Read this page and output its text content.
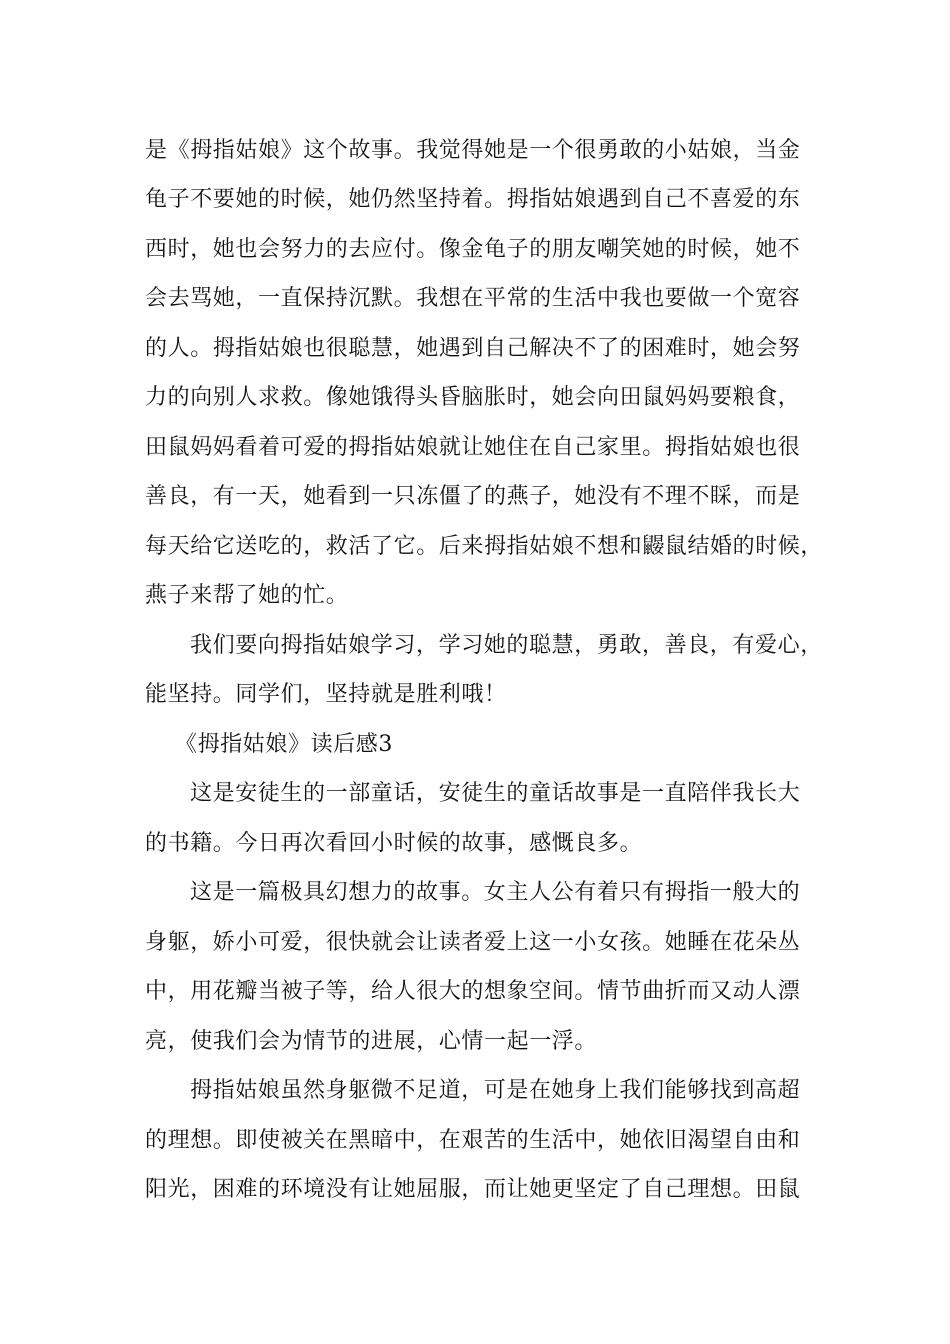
是《拇指姑娘》这个故事。我觉得她是一个很勇敢的小姑娘，当金
龟子不要她的时候，她仍然坚持着。拇指姑娘遇到自己不喜爱的东
西时，她也会努力的去应付。像金龟子的朋友嘲笑她的时候，她不
会去骂她，一直保持沉默。我想在平常的生活中我也要做一个宽容
的人。拇指姑娘也很聪慧，她遇到自己解决不了的困难时，她会努
力的向别人求救。像她饿得头昏脑胀时，她会向田鼠妈妈要粮食，
田鼠妈妈看着可爱的拇指姑娘就让她住在自己家里。拇指姑娘也很
善良，有一天，她看到一只冻僵了的燕子，她没有不理不睬，而是
每天给它送吃的，救活了它。后来拇指姑娘不想和鼹鼠结婚的时候，
燕子来帮了她的忙。
我们要向拇指姑娘学习，学习她的聪慧，勇敢，善良，有爱心，
能坚持。同学们，坚持就是胜利哦！
《拇指姑娘》读后感3
这是安徒生的一部童话，安徒生的童话故事是一直陪伴我长大
的书籍。今日再次看回小时候的故事，感慨良多。
这是一篇极具幻想力的故事。女主人公有着只有拇指一般大的
身躯，娇小可爱，很快就会让读者爱上这一小女孩。她睡在花朵丛
中，用花瓣当被子等，给人很大的想象空间。情节曲折而又动人漂
亮，使我们会为情节的进展，心情一起一浮。
拇指姑娘虽然身躯微不足道，可是在她身上我们能够找到高超
的理想。即使被关在黑暗中，在艰苦的生活中，她依旧渴望自由和
阳光，困难的环境没有让她屈服，而让她更坚定了自己理想。田鼠
